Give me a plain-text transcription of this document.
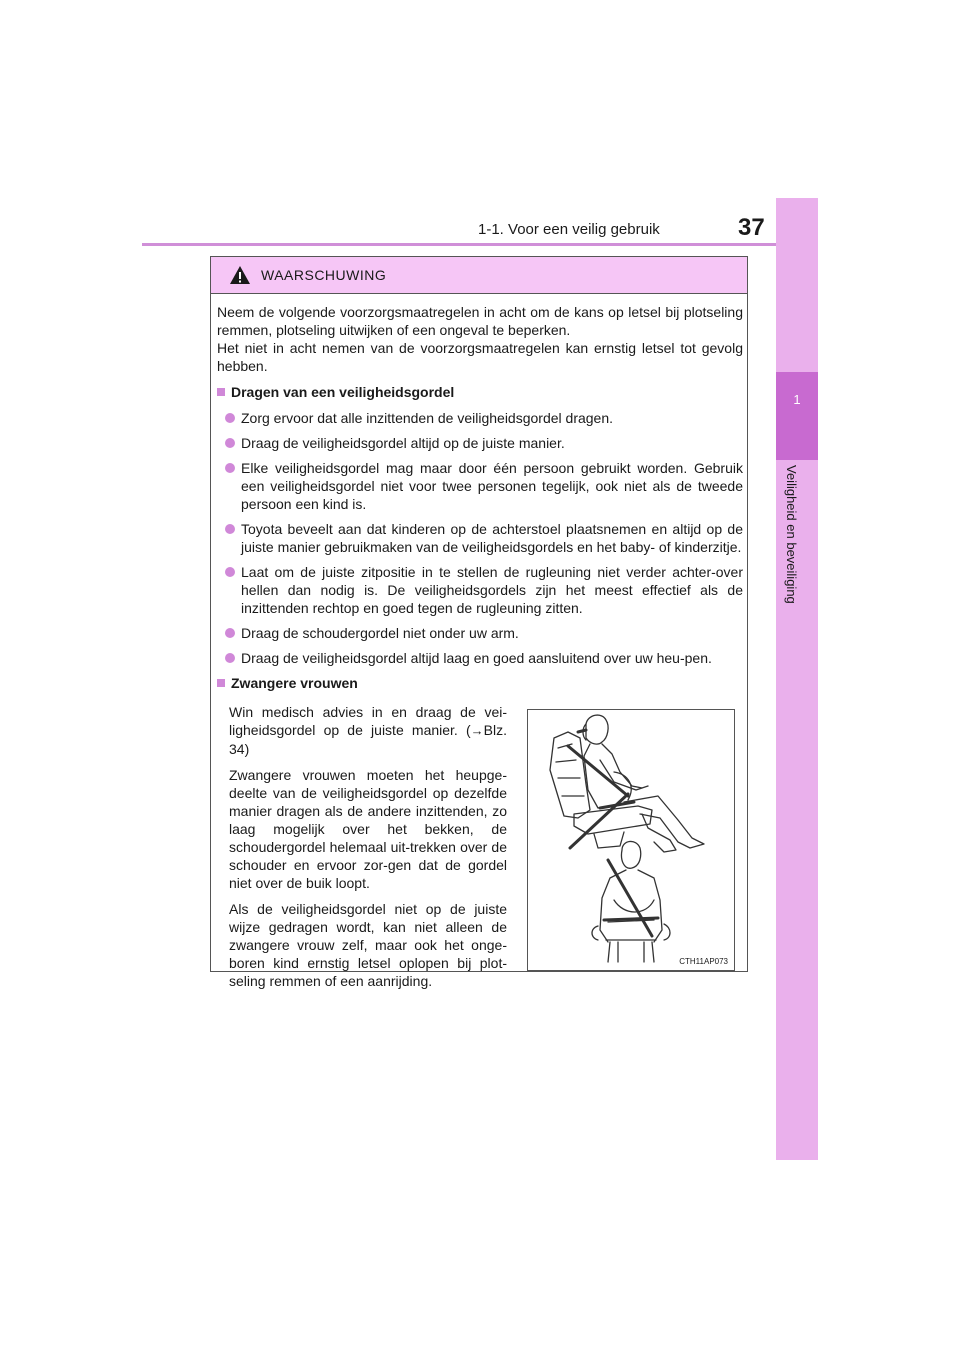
1-1. Voor een veilig gebruik	37
1
Veiligheid en beveiliging
WAARSCHUWING

Neem de volgende voorzorgsmaatregelen in acht om de kans op letsel bij plotseling remmen, plotseling uitwijken of een ongeval te beperken.

Het niet in acht nemen van de voorzorgsmaatregelen kan ernstig letsel tot gevolg hebben.

Dragen van een veiligheidsgordel
Zorg ervoor dat alle inzittenden de veiligheidsgordel dragen.
Draag de veiligheidsgordel altijd op de juiste manier.
Elke veiligheidsgordel mag maar door één persoon gebruikt worden. Gebruik een veiligheidsgordel niet voor twee personen tegelijk, ook niet als de tweede persoon een kind is.
Toyota beveelt aan dat kinderen op de achterstoel plaatsnemen en altijd op de juiste manier gebruikmaken van de veiligheidsgordels en het baby- of kinderzitje.
Laat om de juiste zitpositie in te stellen de rugleuning niet verder achter-over hellen dan nodig is. De veiligheidsgordels zijn het meest effectief als de inzittenden rechtop en goed tegen de rugleuning zitten.
Draag de schoudergordel niet onder uw arm.
Draag de veiligheidsgordel altijd laag en goed aansluitend over uw heu-pen.
Zwangere vrouwen

Win medisch advies in en draag de vei-ligheidsgordel op de juiste manier. (→Blz. 34)

Zwangere vrouwen moeten het heupge-deelte van de veiligheidsgordel op dezelfde manier dragen als de andere inzittenden, zo laag mogelijk over het bekken, de schoudergordel helemaal uit-trekken over de schouder en ervoor zor-gen dat de gordel niet over de buik loopt.

Als de veiligheidsgordel niet op de juiste wijze gedragen wordt, kan niet alleen de zwangere vrouw zelf, maar ook het onge-boren kind ernstig letsel oplopen bij plot-seling remmen of een aanrijding.

CTH11AP073
